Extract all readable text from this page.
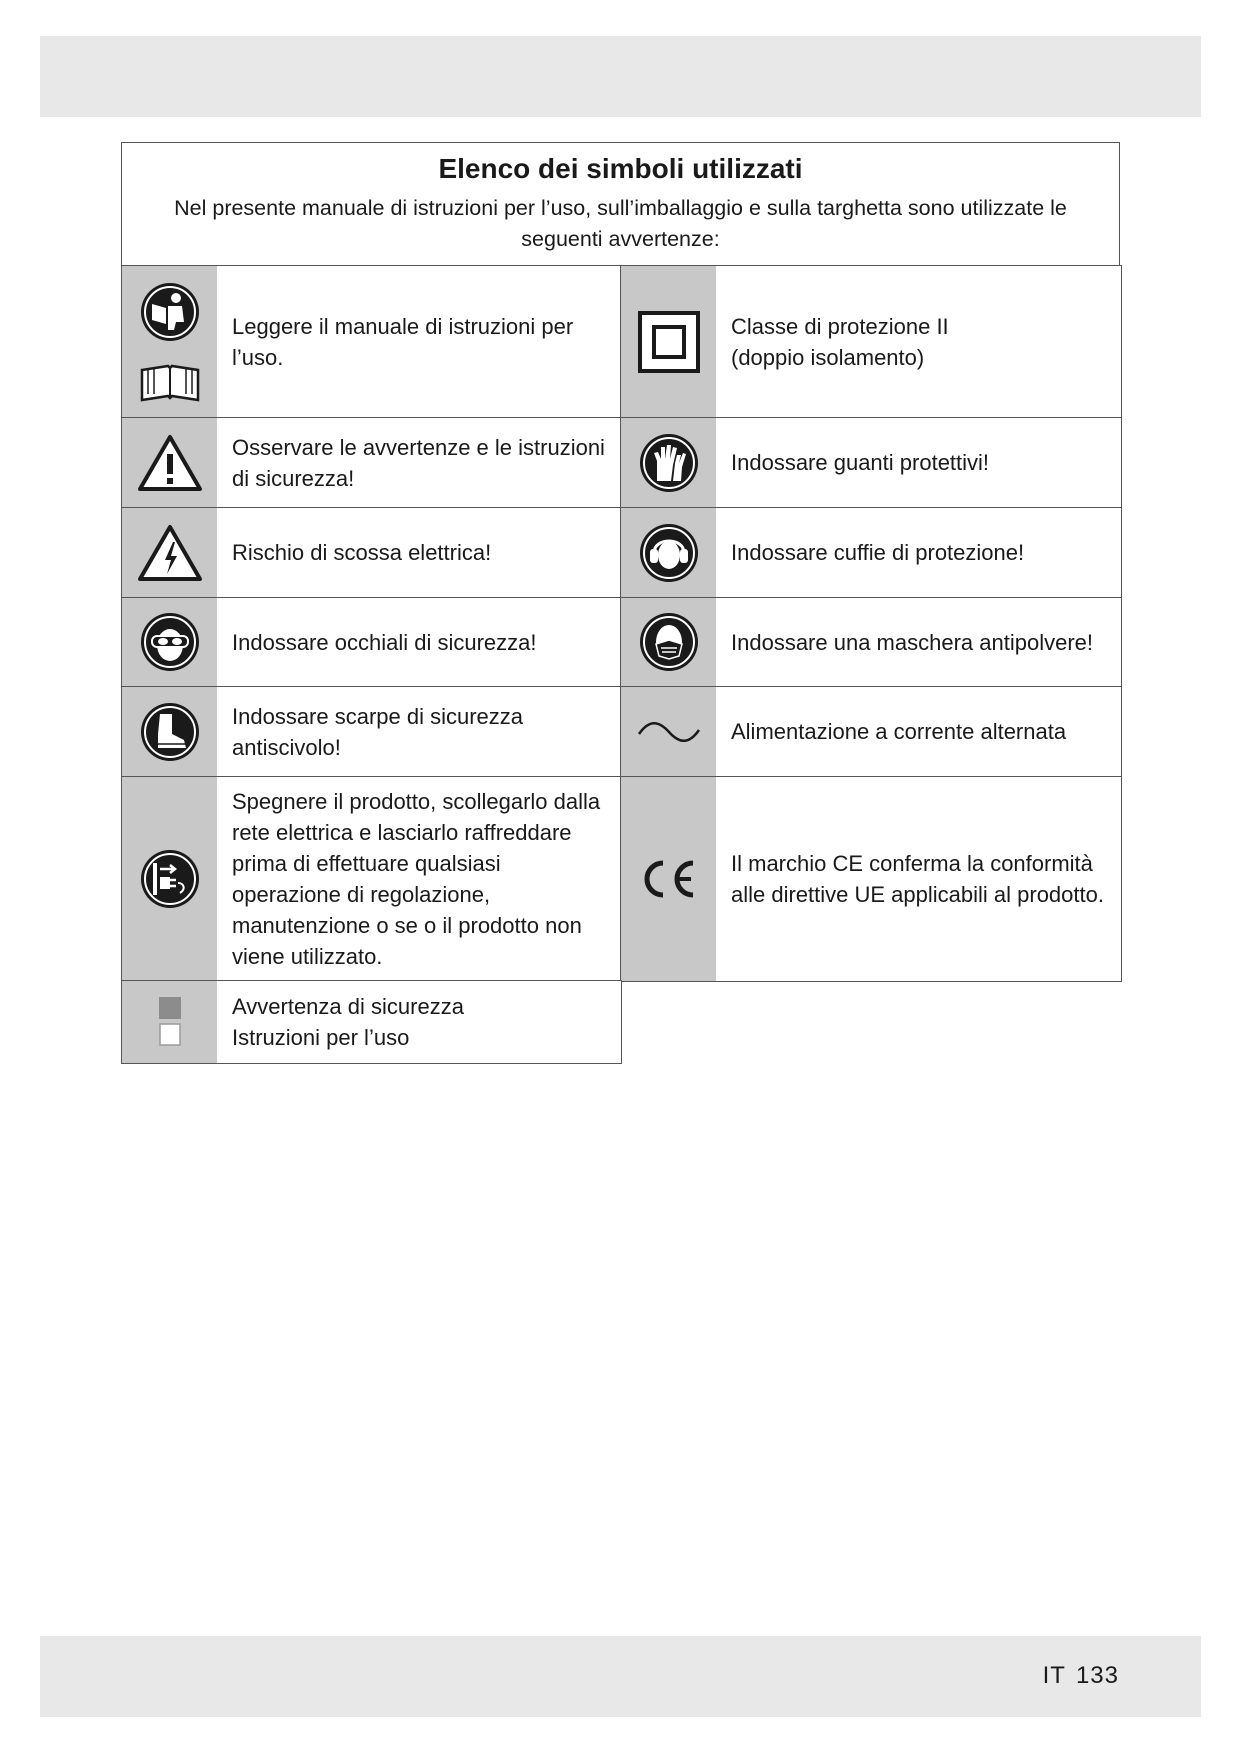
Elenco dei simboli utilizzati

Nel presente manuale di istruzioni per l’uso, sull’imballaggio e sulla targhetta sono utilizzate le seguenti avvertenze:

Leggere il manuale di istruzioni per l’uso.
Classe di protezione II
(doppio isolamento)
Osservare le avvertenze e le istruzioni di sicurezza!
Indossare guanti protettivi!
Rischio di scossa elettrica!	Indossare cuffie di protezione!
Indossare occhiali di sicurezza!	Indossare una maschera antipolvere!
Indossare scarpe di sicurezza antiscivolo!
Alimentazione a corrente alternata
Spegnere il prodotto, scollegarlo dalla rete elettrica e lasciarlo raffreddare prima di effettuare qualsiasi operazione di regolazione, manutenzione o se o il prodotto non viene utilizzato.
Il marchio CE conferma la conformità alle direttive UE applicabili al prodotto.
Avvertenza di sicurezza
Istruzioni per l’uso
IT 133
